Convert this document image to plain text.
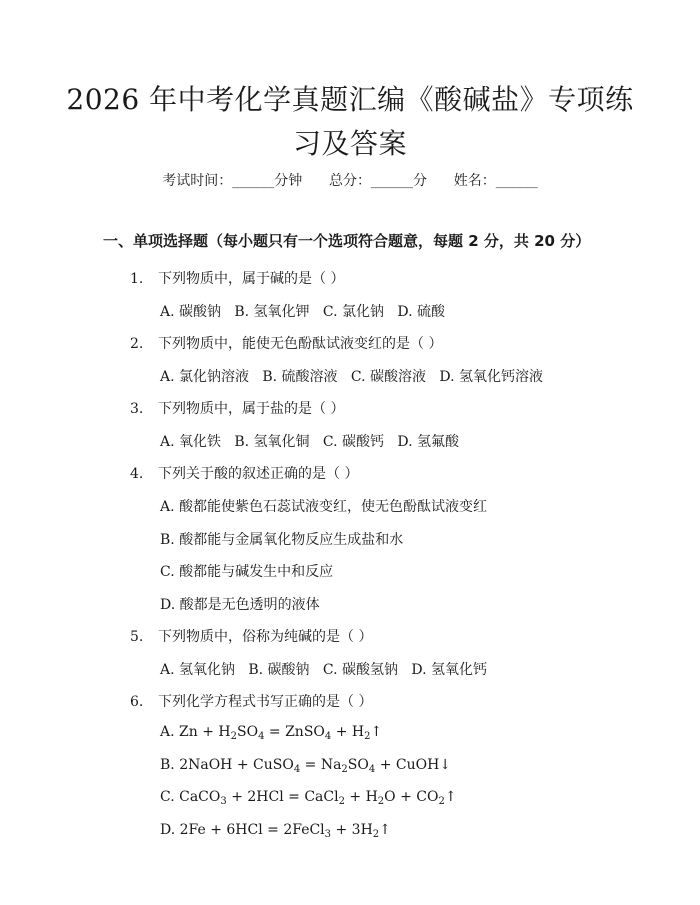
2026 年中考化学真题汇编《酸碱盐》专项练
习及答案
考试时间：______分钟      总分：______分      姓名：______
一、单项选择题（每小题只有一个选项符合题意，每题 2 分，共 20 分）
1. 下列物质中，属于碱的是（ ）
A. 碳酸钠   B. 氢氧化钾   C. 氯化钠   D. 硫酸
2. 下列物质中，能使无色酚酞试液变红的是（ ）
A. 氯化钠溶液   B. 硫酸溶液   C. 碳酸溶液   D. 氢氧化钙溶液
3. 下列物质中，属于盐的是（ ）
A. 氧化铁   B. 氢氧化铜   C. 碳酸钙   D. 氢氟酸
4. 下列关于酸的叙述正确的是（ ）
A. 酸都能使紫色石蕊试液变红，使无色酚酞试液变红
B. 酸都能与金属氧化物反应生成盐和水
C. 酸都能与碱发生中和反应
D. 酸都是无色透明的液体
5. 下列物质中，俗称为纯碱的是（ ）
A. 氢氧化钠   B. 碳酸钠   C. 碳酸氢钠   D. 氢氧化钙
6. 下列化学方程式书写正确的是（ ）
A. $Zn + H_2SO_4$ = ZnSO$_4$ + $H_2↑$
B. 2NaOH + CuSO$_4$ = $Na_2SO_4$ + CuOH↓
C. CaCO$_3$ + 2HCl = CaCl$_2$ + $H_2O$ + $CO_2↑$
D. 2Fe + 6HCl = 2FeCl$_3$ + $3H_2↑$
